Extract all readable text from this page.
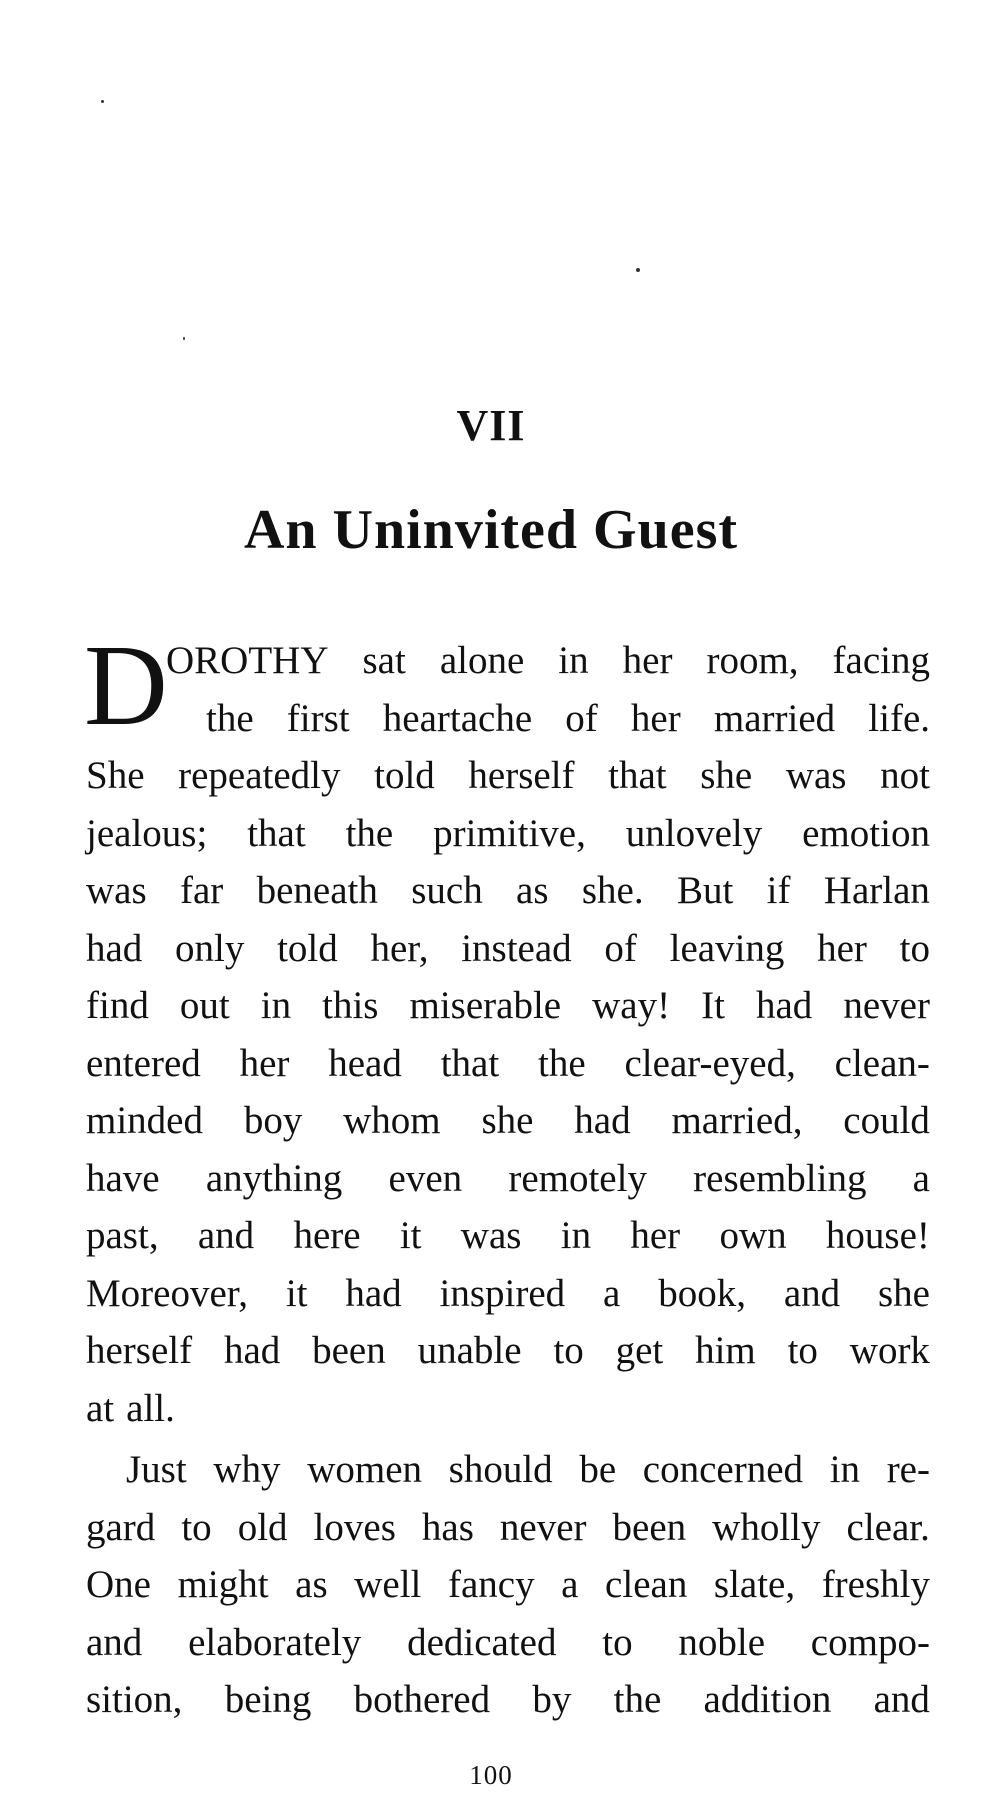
VII
An Uninvited Guest
D
OROTHY sat alone in her room, facing
the first heartache of her married life.
She repeatedly told herself that she was not
jealous; that the primitive, unlovely emotion
was far beneath such as she. But if Harlan
had only told her, instead of leaving her to
find out in this miserable way! It had never
entered her head that the clear-eyed, clean-
minded boy whom she had married, could
have anything even remotely resembling a
past, and here it was in her own house!
Moreover, it had inspired a book, and she
herself had been unable to get him to work
at all.
Just why women should be concerned in re-
gard to old loves has never been wholly clear.
One might as well fancy a clean slate, freshly
and elaborately dedicated to noble compo-
sition, being bothered by the addition and
100
